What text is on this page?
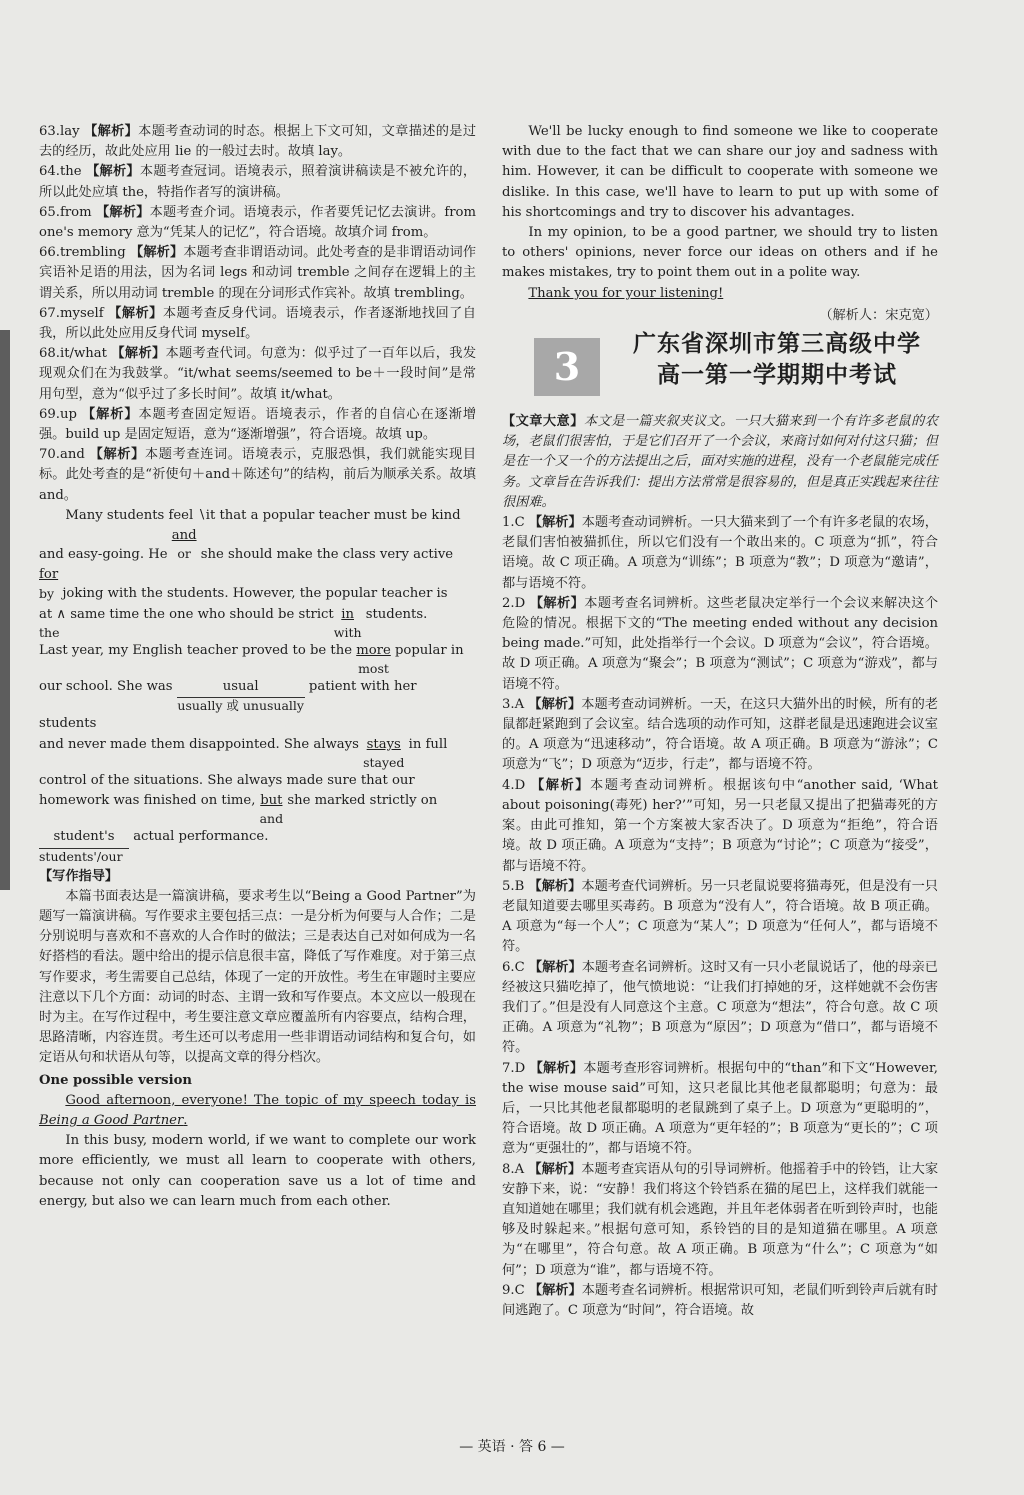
63.lay 【解析】本题考查动词的时态。根据上下文可知，文章描述的是过去的经历，故此处应用 lie 的一般过去时。故填 lay。
64.the 【解析】本题考查冠词。语境表示，照着演讲稿读是不被允许的，所以此处应填 the，特指作者写的演讲稿。
65.from 【解析】本题考查介词。语境表示，作者要凭记忆去演讲。from one's memory 意为“凭某人的记忆”，符合语境。故填介词 from。
66.trembling 【解析】本题考查非谓语动词。此处考查的是非谓语动词作宾语补足语的用法，因为名词 legs 和动词 tremble 之间存在逻辑上的主谓关系，所以用动词 tremble 的现在分词形式作宾补。故填 trembling。
67.myself 【解析】本题考查反身代词。语境表示，作者逐渐地找回了自我，所以此处应用反身代词 myself。
68.it/what 【解析】本题考查代词。句意为：似乎过了一百年以后，我发现观众们在为我鼓掌。“it/what seems/seemed to be＋一段时间”是常用句型，意为“似乎过了多长时间”。故填 it/what。
69.up 【解析】本题考查固定短语。语境表示，作者的自信心在逐渐增强。build up 是固定短语，意为“逐渐增强”，符合语境。故填 up。
70.and 【解析】本题考查连词。语境表示，克服恐惧，我们就能实现目标。此处考查的是“祈使句＋and＋陈述句”的结构，前后为顺承关系。故填 and。
Many students feel ∖it that a popular teacher must be kind
and easy-going. He and
or she should make the class very active
for
by joking with the students. However, the popular teacher is
at ∧ same time the one who should be strict
the
in
with
students.
Last year, my English teacher proved to be the more
most
popular in
our school. She was	usual
usually 或 unusually
patient with her students
and never made them disappointed. She always stays
stayed
in full
control of the situations. She always made sure that our
homework was finished on time, but
and
she marked strictly on
student's
students'/our
actual performance.
【写作指导】
本篇书面表达是一篇演讲稿，要求考生以“Being a Good Partner”为题写一篇演讲稿。写作要求主要包括三点：一是分析为何要与人合作；二是分别说明与喜欢和不喜欢的人合作时的做法；三是表达自己对如何成为一名好搭档的看法。题中给出的提示信息很丰富，降低了写作难度。对于第三点写作要求，考生需要自己总结，体现了一定的开放性。考生在审题时主要应注意以下几个方面：动词的时态、主谓一致和写作要点。本文应以一般现在时为主。在写作过程中，考生要注意文章应覆盖所有内容要点，结构合理，思路清晰，内容连贯。考生还可以考虑用一些非谓语动词结构和复合句，如定语从句和状语从句等，以提高文章的得分档次。
One possible version
Good afternoon, everyone! The topic of my speech today is Being a Good Partner.
In this busy, modern world, if we want to complete our work more efficiently, we must all learn to cooperate with others, because not only can cooperation save us a lot of time and energy, but also we can learn much from each other.
We'll be lucky enough to find someone we like to cooperate with due to the fact that we can share our joy and sadness with him. However, it can be difficult to cooperate with someone we dislike. In this case, we'll have to learn to put up with some of his shortcomings and try to discover his advantages.
In my opinion, to be a good partner, we should try to listen to others' opinions, never force our ideas on others and if he makes mistakes, try to point them out in a polite way.
Thank you for your listening!
（解析人：宋克宽）
3
广东省深圳市第三高级中学
高一第一学期期中考试
【文章大意】本文是一篇夹叙夹议文。一只大猫来到一个有许多老鼠的农场，老鼠们很害怕，于是它们召开了一个会议，来商讨如何对付这只猫；但是在一个又一个的方法提出之后，面对实施的进程，没有一个老鼠能完成任务。文章旨在告诉我们：提出方法常常是很容易的，但是真正实践起来往往很困难。
1.C 【解析】本题考查动词辨析。一只大猫来到了一个有许多老鼠的农场，老鼠们害怕被猫抓住，所以它们没有一个敢出来的。C 项意为“抓”，符合语境。故 C 项正确。A 项意为“训练”；B 项意为“教”；D 项意为“邀请”，都与语境不符。
2.D 【解析】本题考查名词辨析。这些老鼠决定举行一个会议来解决这个危险的情况。根据下文的“The meeting ended without any decision being made.”可知，此处指举行一个会议。D 项意为“会议”，符合语境。故 D 项正确。A 项意为“聚会”；B 项意为“测试”；C 项意为“游戏”，都与语境不符。
3.A 【解析】本题考查动词辨析。一天，在这只大猫外出的时候，所有的老鼠都赶紧跑到了会议室。结合选项的动作可知，这群老鼠是迅速跑进会议室的。A 项意为“迅速移动”，符合语境。故 A 项正确。B 项意为“游泳”；C 项意为“飞”；D 项意为“迈步，行走”，都与语境不符。
4.D 【解析】本题考查动词辨析。根据该句中“another said, ‘What about poisoning(毒死) her?’”可知，另一只老鼠又提出了把猫毒死的方案。由此可推知，第一个方案被大家否决了。D 项意为“拒绝”，符合语境。故 D 项正确。A 项意为“支持”；B 项意为“讨论”；C 项意为“接受”，都与语境不符。
5.B 【解析】本题考查代词辨析。另一只老鼠说要将猫毒死，但是没有一只老鼠知道要去哪里买毒药。B 项意为“没有人”，符合语境。故 B 项正确。A 项意为“每一个人”；C 项意为“某人”；D 项意为“任何人”，都与语境不符。
6.C 【解析】本题考查名词辨析。这时又有一只小老鼠说话了，他的母亲已经被这只猫吃掉了，他气愤地说：“让我们打掉她的牙，这样她就不会伤害我们了。”但是没有人同意这个主意。C 项意为“想法”，符合句意。故 C 项正确。A 项意为“礼物”；B 项意为“原因”；D 项意为“借口”，都与语境不符。
7.D 【解析】本题考查形容词辨析。根据句中的“than”和下文“However, the wise mouse said”可知，这只老鼠比其他老鼠都聪明；句意为：最后，一只比其他老鼠都聪明的老鼠跳到了桌子上。D 项意为“更聪明的”，符合语境。故 D 项正确。A 项意为“更年轻的”；B 项意为“更长的”；C 项意为“更强壮的”，都与语境不符。
8.A 【解析】本题考查宾语从句的引导词辨析。他摇着手中的铃铛，让大家安静下来，说：“安静！我们将这个铃铛系在猫的尾巴上，这样我们就能一直知道她在哪里；我们就有机会逃跑，并且年老体弱者在听到铃声时，也能够及时躲起来。”根据句意可知，系铃铛的目的是知道猫在哪里。A 项意为“在哪里”，符合句意。故 A 项正确。B 项意为“什么”；C 项意为“如何”；D 项意为“谁”，都与语境不符。
9.C 【解析】本题考查名词辨析。根据常识可知，老鼠们听到铃声后就有时间逃跑了。C 项意为“时间”，符合语境。故
— 英语 · 答 6 —
